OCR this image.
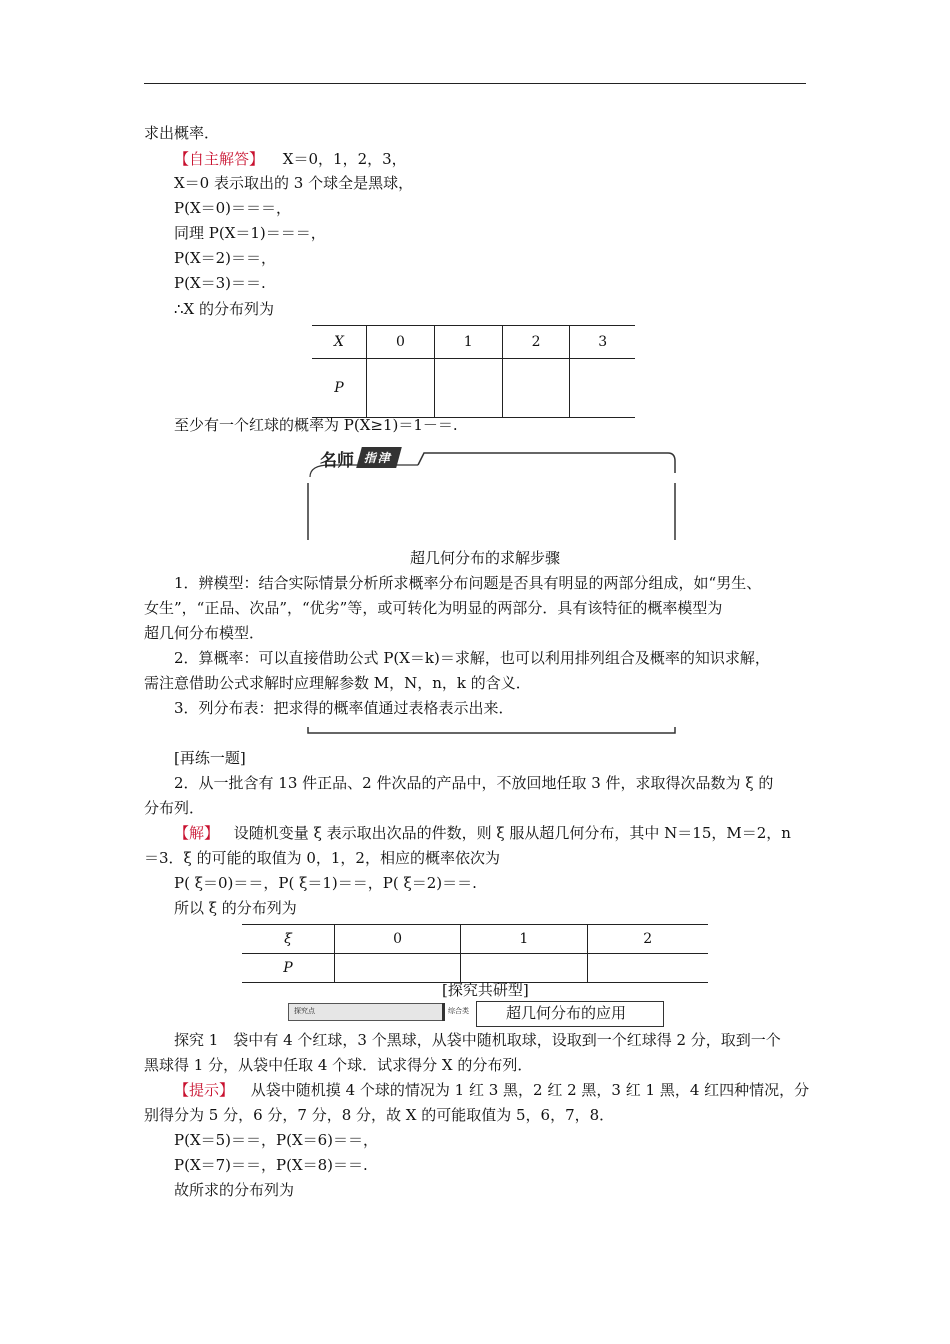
求出概率．
【自主解答】 X＝0，1，2，3，
X＝0 表示取出的 3 个球全是黑球，
P(X＝0)＝＝＝，
同理 P(X＝1)＝＝＝，
P(X＝2)＝＝，
P(X＝3)＝＝.
∴X 的分布列为
X	0	1	2	3
P				
至少有一个红球的概率为 P(X≥1)＝1－＝.
名师 指津
超几何分布的求解步骤
1．辨模型：结合实际情景分析所求概率分布问题是否具有明显的两部分组成，如“男生、
女生”，“正品、次品”，“优劣”等，或可转化为明显的两部分．具有该特征的概率模型为
超几何分布模型．
2．算概率：可以直接借助公式 P(X＝k)＝求解，也可以利用排列组合及概率的知识求解，
需注意借助公式求解时应理解参数 M，N，n，k 的含义．
3．列分布表：把求得的概率值通过表格表示出来．
[再练一题]
2．从一批含有 13 件正品、2 件次品的产品中，不放回地任取 3 件，求取得次品数为 ξ 的
分布列．
【解】 设随机变量 ξ 表示取出次品的件数，则 ξ 服从超几何分布，其中 N＝15，M＝2，n
＝3．ξ 的可能的取值为 0，1，2，相应的概率依次为
P( ξ＝0)＝＝，P( ξ＝1)＝＝，P( ξ＝2)＝＝.
所以 ξ 的分布列为
ξ	0	1	2
P			
[探究共研型]
探究点	综合类 超几何分布的应用
探究 1　袋中有 4 个红球，3 个黑球，从袋中随机取球，设取到一个红球得 2 分，取到一个
黑球得 1 分，从袋中任取 4 个球．试求得分 X 的分布列．
【提示】 从袋中随机摸 4 个球的情况为 1 红 3 黑，2 红 2 黑，3 红 1 黑，4 红四种情况，分
别得分为 5 分，6 分，7 分，8 分，故 X 的可能取值为 5，6，7，8．
P(X＝5)＝＝，P(X＝6)＝＝，
P(X＝7)＝＝，P(X＝8)＝＝.
故所求的分布列为
